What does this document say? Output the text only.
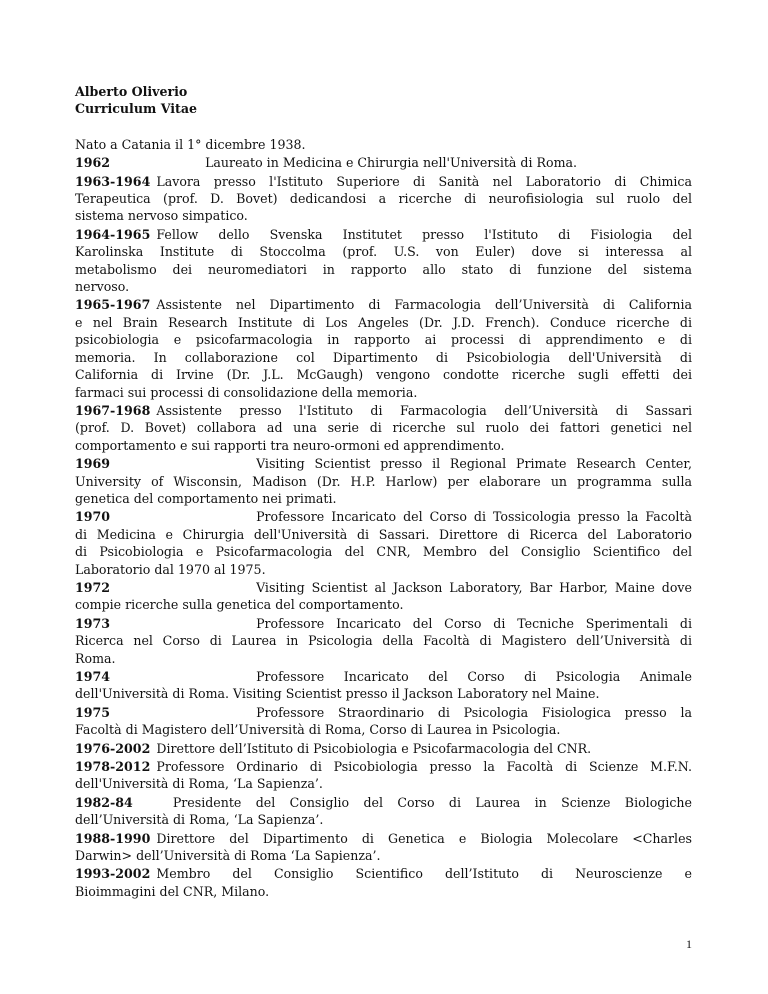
Alberto Oliverio

Curriculum Vitae

Nato a Catania il 1° dicembre 1938.

1962	Laureato in Medicina e Chirurgia nell'Università di Roma.

1963-1964 Lavora presso l'Istituto Superiore di Sanità nel Laboratorio di Chimica
Terapeutica (prof. D. Bovet) dedicandosi a ricerche di neurofisiologia sul ruolo del
sistema nervoso simpatico.

1964-1965 Fellow dello Svenska Institutet presso l'Istituto di Fisiologia del
Karolinska Institute di Stoccolma (prof. U.S. von Euler) dove si interessa al
metabolismo dei neuromediatori in rapporto allo stato di funzione del sistema
nervoso.

1965-1967 Assistente nel Dipartimento di Farmacologia dell’Università di California
e nel Brain Research Institute di Los Angeles (Dr. J.D. French). Conduce ricerche di
psicobiologia e psicofarmacologia in rapporto ai processi di apprendimento e di
memoria. In collaborazione col Dipartimento di Psicobiologia dell'Università di
California di Irvine (Dr. J.L. McGaugh) vengono condotte ricerche sugli effetti dei
farmaci sui processi di consolidazione della memoria.

1967-1968 Assistente presso l'Istituto di Farmacologia dell’Università di Sassari
(prof. D. Bovet) collabora ad una serie di ricerche sul ruolo dei fattori genetici nel
comportamento e sui rapporti tra neuro-ormoni ed apprendimento.

1969	Visiting Scientist presso il Regional Primate Research Center,
University of Wisconsin, Madison (Dr. H.P. Harlow) per elaborare un programma sulla
genetica del comportamento nei primati.

1970	Professore Incaricato del Corso di Tossicologia presso la Facoltà
di Medicina e Chirurgia dell'Università di Sassari. Direttore di Ricerca del Laboratorio
di Psicobiologia e Psicofarmacologia del CNR, Membro del Consiglio Scientifico del
Laboratorio dal 1970 al 1975.

1972	Visiting Scientist al Jackson Laboratory, Bar Harbor, Maine dove
compie ricerche sulla genetica del comportamento.

1973	Professore Incaricato del Corso di Tecniche Sperimentali di
Ricerca nel Corso di Laurea in Psicologia della Facoltà di Magistero dell’Università di
Roma.

1974	Professore Incaricato del Corso di Psicologia Animale
dell'Università di Roma. Visiting Scientist presso il Jackson Laboratory nel Maine.

1975	Professore Straordinario di Psicologia Fisiologica presso la
Facoltà di Magistero dell’Università di Roma, Corso di Laurea in Psicologia.

1976-2002 Direttore dell’Istituto di Psicobiologia e Psicofarmacologia del CNR.

1978-2012 Professore Ordinario di Psicobiologia presso la Facoltà di Scienze M.F.N.
dell'Università di Roma, ‘La Sapienza’.

1982-84	Presidente del Consiglio del Corso di Laurea in Scienze Biologiche
dell’Università di Roma, ‘La Sapienza’.

1988-1990 Direttore del Dipartimento di Genetica e Biologia Molecolare <Charles
Darwin> dell’Università di Roma ‘La Sapienza’.

1993-2002 Membro del Consiglio Scientifico dell’Istituto di Neuroscienze e
Bioimmagini del CNR, Milano.

1
